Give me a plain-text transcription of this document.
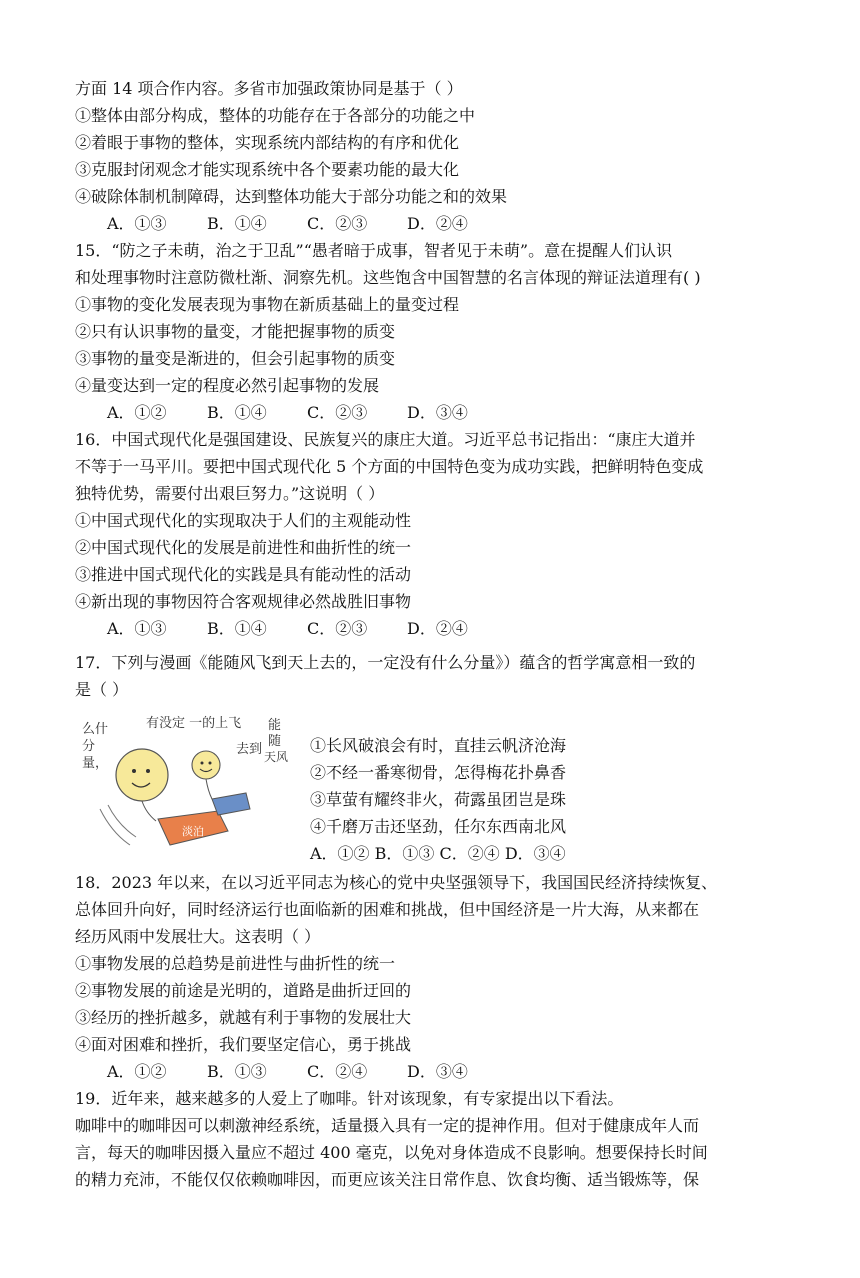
方面 14 项合作内容。多省市加强政策协同是基于（ ）
①整体由部分构成，整体的功能存在于各部分的功能之中
②着眼于事物的整体，实现系统内部结构的有序和优化
③克服封闭观念才能实现系统中各个要素功能的最大化
④破除体制机制障碍，达到整体功能大于部分功能之和的效果
A．①③	B．①④	C．②③ D．②④
15．“防之子未萌，治之于卫乱”“愚者暗于成事，智者见于未萌”。意在提醒人们认识
和处理事物时注意防微杜渐、洞察先机。这些饱含中国智慧的名言体现的辩证法道理有( )
①事物的变化发展表现为事物在新质基础上的量变过程
②只有认识事物的量变，才能把握事物的质变
③事物的量变是渐进的，但会引起事物的质变
④量变达到一定的程度必然引起事物的发展
A．①②	B．①④	C．②③ D．③④
16．中国式现代化是强国建设、民族复兴的康庄大道。习近平总书记指出：“康庄大道并
不等于一马平川。要把中国式现代化 5 个方面的中国特色变为成功实践，把鲜明特色变成
独特优势，需要付出艰巨努力。”这说明（ ）
①中国式现代化的实现取决于人们的主观能动性
②中国式现代化的发展是前进性和曲折性的统一
③推进中国式现代化的实践是具有能动性的活动
④新出现的事物因符合客观规律必然战胜旧事物
A．①③	B．①④	C．②③ D．②④
17．下列与漫画《能随风飞到天上去的，一定没有什么分量》）蕴含的哲学寓意相一致的
是（ ）
么什
分
量，
有没定 一的上飞
去到
能
随
天风
淡泊
①长风破浪会有时，直挂云帆济沧海
②不经一番寒彻骨，怎得梅花扑鼻香
③草萤有耀终非火，荷露虽团岂是珠
④千磨万击还坚劲，任尔东西南北风
A．①② B．①③ C．②④ D．③④
18．2023 年以来，在以习近平同志为核心的党中央坚强领导下，我国国民经济持续恢复、
总体回升向好，同时经济运行也面临新的困难和挑战，但中国经济是一片大海，从来都在
经历风雨中发展壮大。这表明（ ）
①事物发展的总趋势是前进性与曲折性的统一
②事物发展的前途是光明的，道路是曲折迂回的
③经历的挫折越多，就越有利于事物的发展壮大
④面对困难和挫折，我们要坚定信心，勇于挑战
A．①②	B．①③	C．②④ D．③④
19．近年来，越来越多的人爱上了咖啡。针对该现象，有专家提出以下看法。
咖啡中的咖啡因可以刺激神经系统，适量摄入具有一定的提神作用。但对于健康成年人而
言，每天的咖啡因摄入量应不超过 400 毫克，以免对身体造成不良影响。想要保持长时间
的精力充沛，不能仅仅依赖咖啡因，而更应该关注日常作息、饮食均衡、适当锻炼等，保
